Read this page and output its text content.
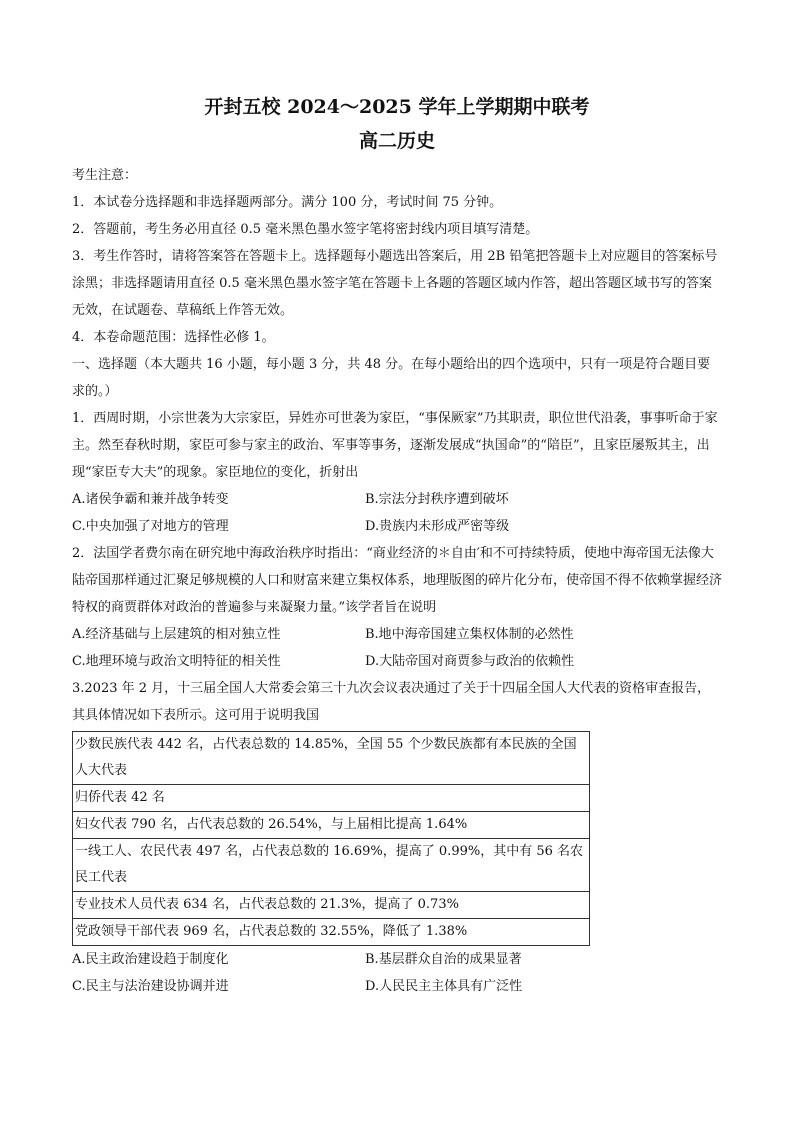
开封五校 2024～2025 学年上学期期中联考
高二历史

考生注意：

1．本试卷分选择题和非选择题两部分。满分 100 分，考试时间 75 分钟。

2．答题前，考生务必用直径 0.5 毫米黑色墨水签字笔将密封线内项目填写清楚。

3．考生作答时，请将答案答在答题卡上。选择题每小题选出答案后，用 2B 铅笔把答题卡上对应题目的答案标号涂黑；非选择题请用直径 0.5 毫米黑色墨水签字笔在答题卡上各题的答题区域内作答，超出答题区域书写的答案无效，在试题卷、草稿纸上作答无效。

4．本卷命题范围：选择性必修 1。

一、选择题（本大题共 16 小题，每小题 3 分，共 48 分。在每小题给出的四个选项中，只有一项是符合题目要求的。）

1．西周时期，小宗世袭为大宗家臣，异姓亦可世袭为家臣，“事保厥家”乃其职责，职位世代沿袭，事事听命于家主。然至春秋时期，家臣可参与家主的政治、军事等事务，逐渐发展成“执国命”的“陪臣”，且家臣屡叛其主，出现“家臣专大夫”的现象。家臣地位的变化，折射出

A.诸侯争霸和兼并战争转变	B.宗法分封秩序遭到破坏
C.中央加强了对地方的管理	D.贵族内未形成严密等级

2．法国学者费尔南在研究地中海政治秩序时指出：“商业经济的＊自由′和不可持续特质，使地中海帝国无法像大陆帝国那样通过汇聚足够规模的人口和财富来建立集权体系，地理版图的碎片化分布，使帝国不得不依赖掌握经济特权的商贾群体对政治的普遍参与来凝聚力量。”该学者旨在说明

A.经济基础与上层建筑的相对独立性	B.地中海帝国建立集权体制的必然性
C.地理环境与政治文明特征的相关性	D.大陆帝国对商贾参与政治的依赖性

3.2023 年 2 月，十三届全国人大常委会第三十九次会议表决通过了关于十四届全国人大代表的资格审查报告，其具体情况如下表所示。这可用于说明我国

少数民族代表 442 名，占代表总数的 14.85%，全国 55 个少数民族都有本民族的全国人大代表
归侨代表 42 名
妇女代表 790 名，占代表总数的 26.54%，与上届相比提高 1.64%
一线工人、农民代表 497 名，占代表总数的 16.69%，提高了 0.99%，其中有 56 名农民工代表
专业技术人员代表 634 名，占代表总数的 21.3%，提高了 0.73%
党政领导干部代表 969 名，占代表总数的 32.55%，降低了 1.38%
A.民主政治建设趋于制度化	B.基层群众自治的成果显著
C.民主与法治建设协调并进	D.人民民主主体具有广泛性
